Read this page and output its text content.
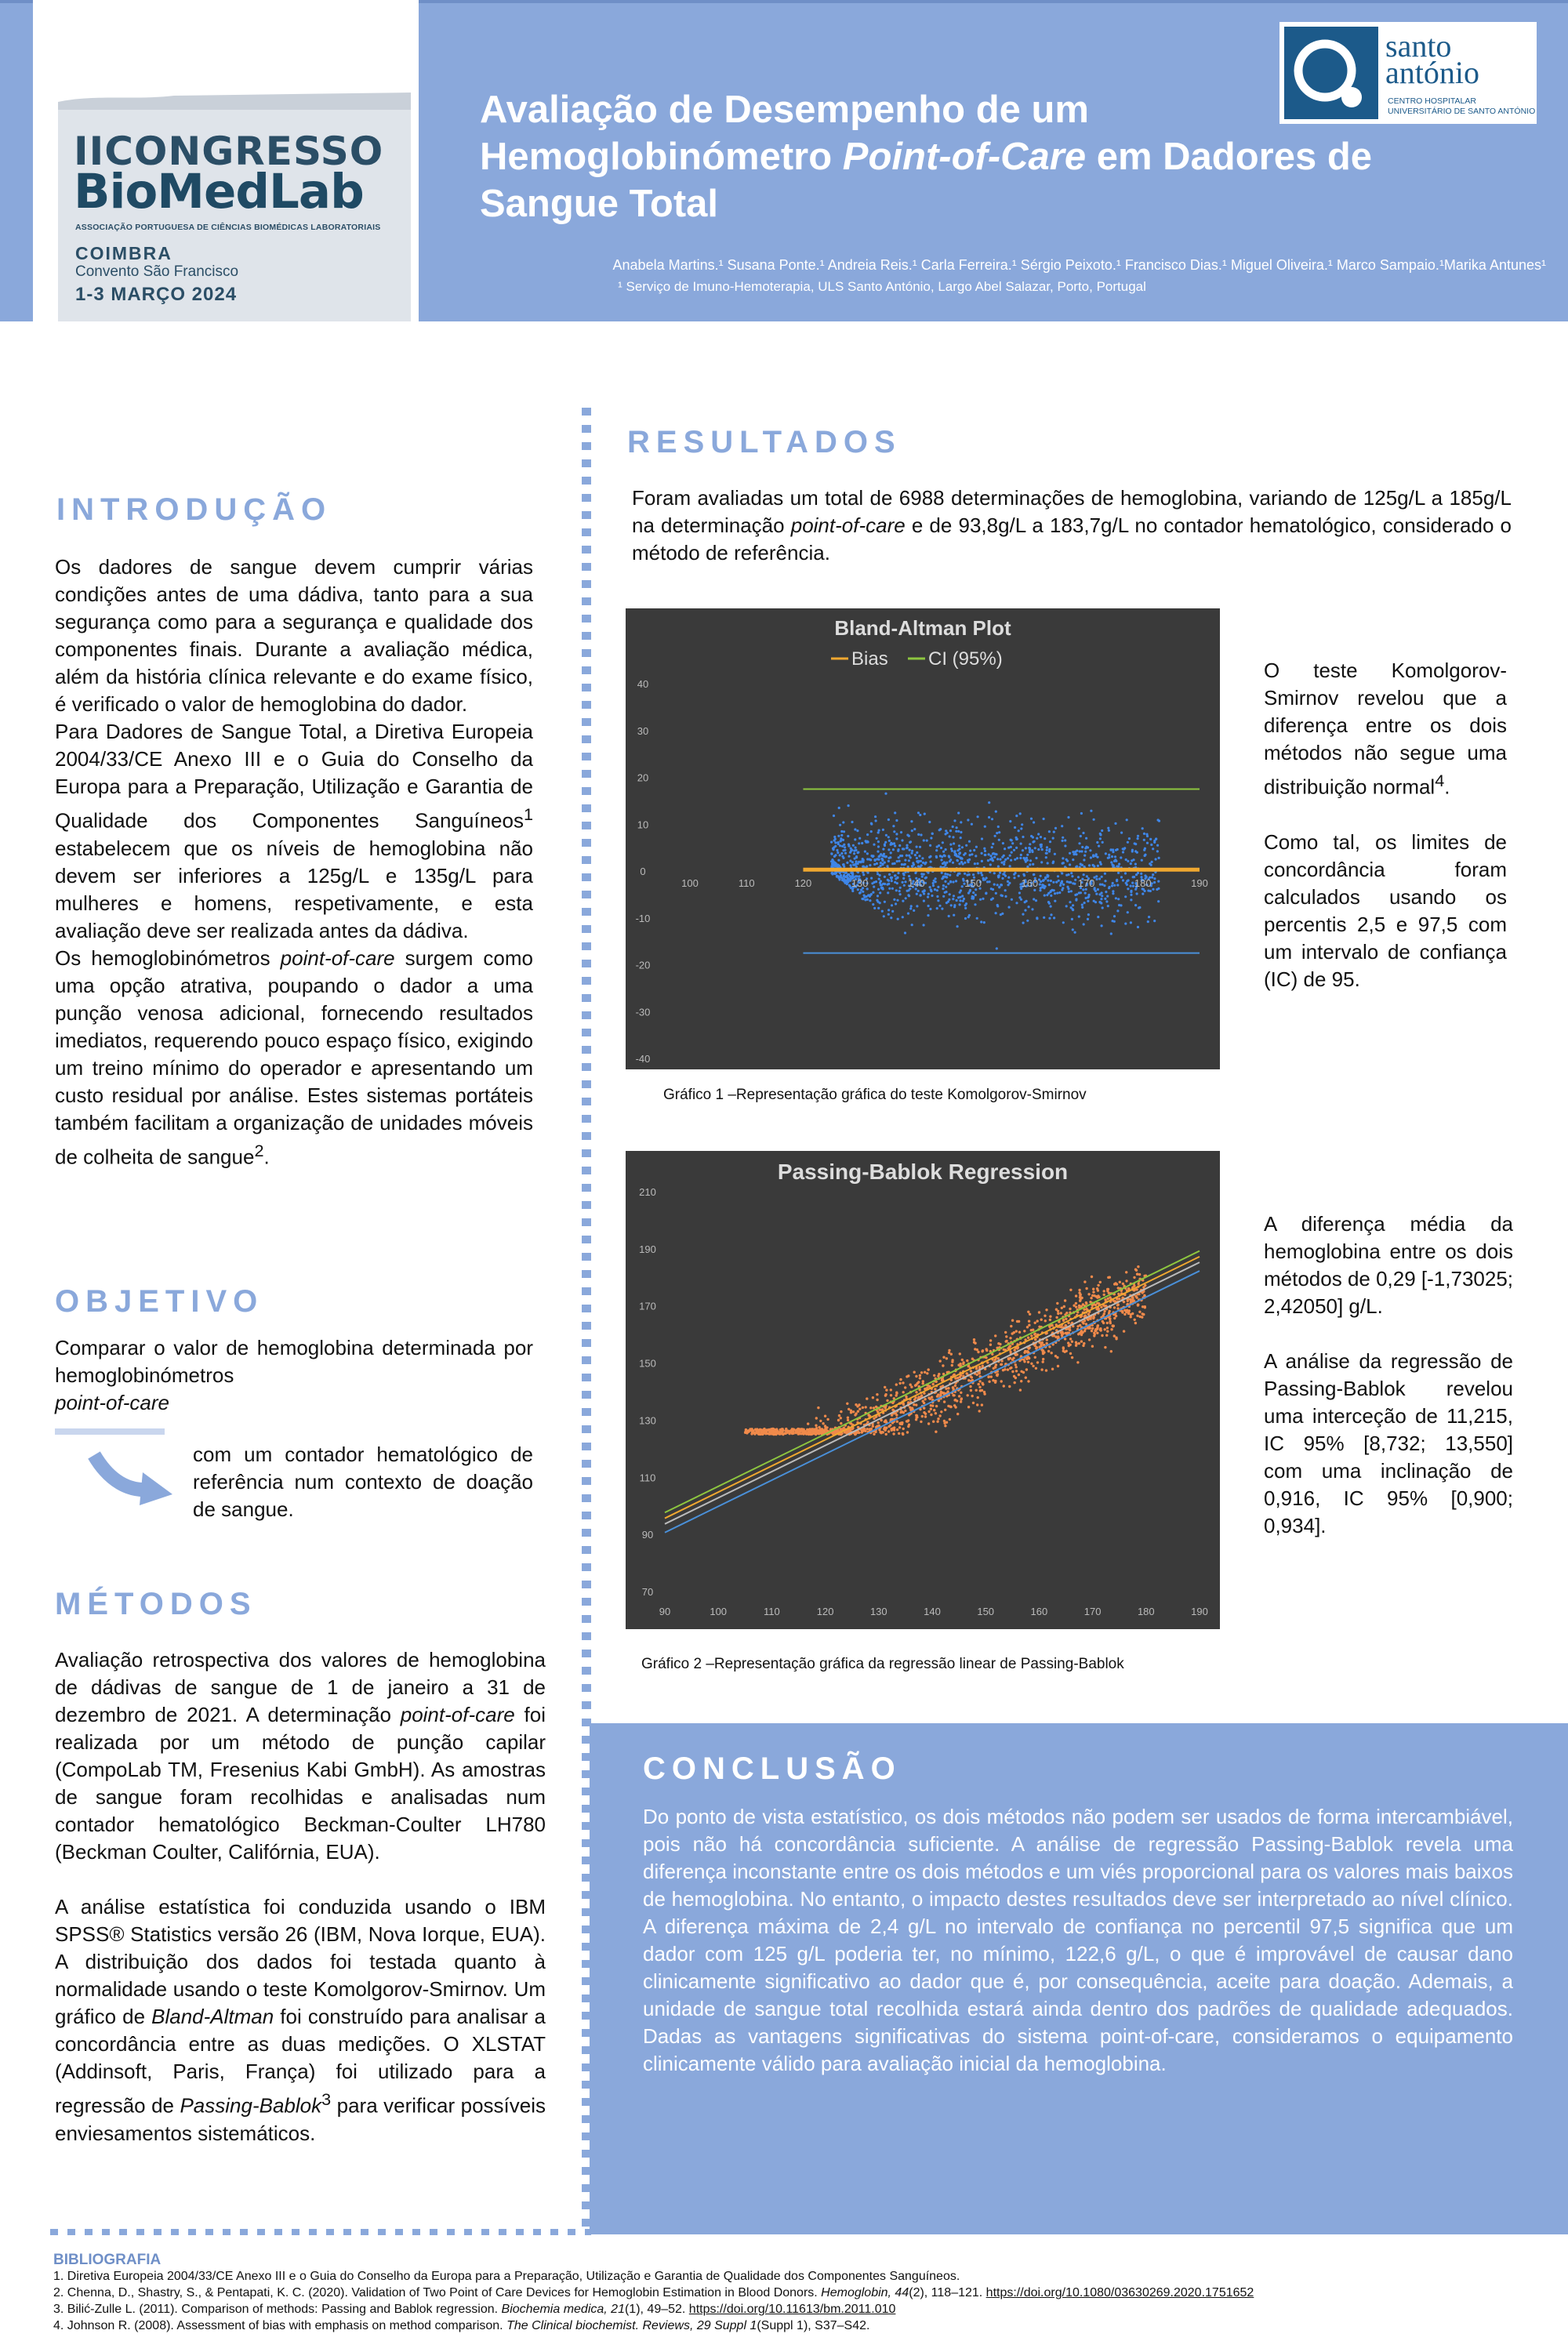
IICONGRESSO
BioMedLab
ASSOCIAÇÃO PORTUGUESA DE CIÊNCIAS BIOMÉDICAS LABORATORIAIS
COIMBRA
Convento São Francisco
1-3 MARÇO 2024
Avaliação de Desempenho de um
Hemoglobinómetro Point-of-Care em Dadores de
Sangue Total
Anabela Martins.¹ Susana Ponte.¹ Andreia Reis.¹ Carla Ferreira.¹ Sérgio Peixoto.¹ Francisco Dias.¹ Miguel Oliveira.¹ Marco Sampaio.¹Marika Antunes¹
¹ Serviço de Imuno-Hemoterapia, ULS Santo António, Largo Abel Salazar, Porto, Portugal
santo antónio
CENTRO HOSPITALAR
UNIVERSITÁRIO DE SANTO ANTÓNIO
INTRODUÇÃO

Os dadores de sangue devem cumprir várias condições antes de uma dádiva, tanto para a sua segurança como para a segurança e qualidade dos componentes finais. Durante a avaliação médica, além da história clínica relevante e do exame físico, é verificado o valor de hemoglobina do dador.

Para Dadores de Sangue Total, a Diretiva Europeia 2004/33/CE Anexo III e o Guia do Conselho da Europa para a Preparação, Utilização e Garantia de Qualidade dos Componentes Sanguíneos$^1$ estabelecem que os níveis de hemoglobina não devem ser inferiores a 125g/L e 135g/L para mulheres e homens, respetivamente, e esta avaliação deve ser realizada antes da dádiva.

Os hemoglobinómetros point-of-care surgem como uma opção atrativa, poupando o dador a uma punção venosa adicional, fornecendo resultados imediatos, requerendo pouco espaço físico, exigindo um treino mínimo do operador e apresentando um custo residual por análise. Estes sistemas portáteis também facilitam a organização de unidades móveis de colheita de sangue$^2$.

OBJETIVO

Comparar o valor de hemoglobina determinada por hemoglobinómetros

point-of-care

com um contador hematológico de referência num contexto de doação de sangue.
MÉTODOS

Avaliação retrospectiva dos valores de hemoglobina de dádivas de sangue de 1 de janeiro a 31 de dezembro de 2021. A determinação point-of-care foi realizada por um método de punção capilar (CompoLab TM, Fresenius Kabi GmbH). As amostras de sangue foram recolhidas e analisadas num contador hematológico Beckman-Coulter LH780 (Beckman Coulter, Califórnia, EUA).

A análise estatística foi conduzida usando o IBM SPSS® Statistics versão 26 (IBM, Nova Iorque, EUA). A distribuição dos dados foi testada quanto à normalidade usando o teste Komolgorov-Smirnov. Um gráfico de Bland-Altman foi construído para analisar a concordância entre as duas medições. O XLSTAT (Addinsoft, Paris, França) foi utilizado para a regressão de Passing-Bablok$^3$ para verificar possíveis enviesamentos sistemáticos.

RESULTADOS
Foram avaliadas um total de 6988 determinações de hemoglobina, variando de 125g/L a 185g/L na determinação point-of-care e de 93,8g/L a 183,7g/L no contador hematológico, considerado o método de referência.
Bland-Altman Plot
Bias CI (95%)
40
30
20
10
0
-10
-20
-30
-40
100	110	120	130	140	150	160	170	180	190
Gráfico 1 –Representação gráfica do teste Komolgorov-Smirnov

O teste Komolgorov-Smirnov revelou que a diferença entre os dois métodos não segue uma distribuição normal$^4$.

Como tal, os limites de concordância foram calculados usando os percentis 2,5 e 97,5 com um intervalo de confiança (IC) de 95.

Passing-Bablok Regression
210
190
170
150
130
110
90
70
90	100	110	120	130	140	150	160	170	180	190
Gráfico 2 –Representação gráfica da regressão linear de Passing-Bablok

A diferença média da hemoglobina entre os dois métodos de 0,29 [-1,73025; 2,42050] g/L.

A análise da regressão de Passing-Bablok revelou uma interceção de 11,215, IC 95% [8,732; 13,550] com uma inclinação de 0,916, IC 95% [0,900; 0,934].

CONCLUSÃO
Do ponto de vista estatístico, os dois métodos não podem ser usados de forma intercambiável, pois não há concordância suficiente. A análise de regressão Passing-Bablok revela uma diferença inconstante entre os dois métodos e um viés proporcional para os valores mais baixos de hemoglobina. No entanto, o impacto destes resultados deve ser interpretado ao nível clínico. A diferença máxima de 2,4 g/L no intervalo de confiança no percentil 97,5 significa que um dador com 125 g/L poderia ter, no mínimo, 122,6 g/L, o que é improvável de causar dano clinicamente significativo ao dador que é, por consequência, aceite para doação. Ademais, a unidade de sangue total recolhida estará ainda dentro dos padrões de qualidade adequados. Dadas as vantagens significativas do sistema point-of-care, consideramos o equipamento clinicamente válido para avaliação inicial da hemoglobina.
BIBLIOGRAFIA
1. Diretiva Europeia 2004/33/CE Anexo III e o Guia do Conselho da Europa para a Preparação, Utilização e Garantia de Qualidade dos Componentes Sanguíneos.
2. Chenna, D., Shastry, S., & Pentapati, K. C. (2020). Validation of Two Point of Care Devices for Hemoglobin Estimation in Blood Donors. Hemoglobin, 44(2), 118–121. https://doi.org/10.1080/03630269.2020.1751652
3. Bilić-Zulle L. (2011). Comparison of methods: Passing and Bablok regression. Biochemia medica, 21(1), 49–52. https://doi.org/10.11613/bm.2011.010
4. Johnson R. (2008). Assessment of bias with emphasis on method comparison. The Clinical biochemist. Reviews, 29 Suppl 1(Suppl 1), S37–S42.
